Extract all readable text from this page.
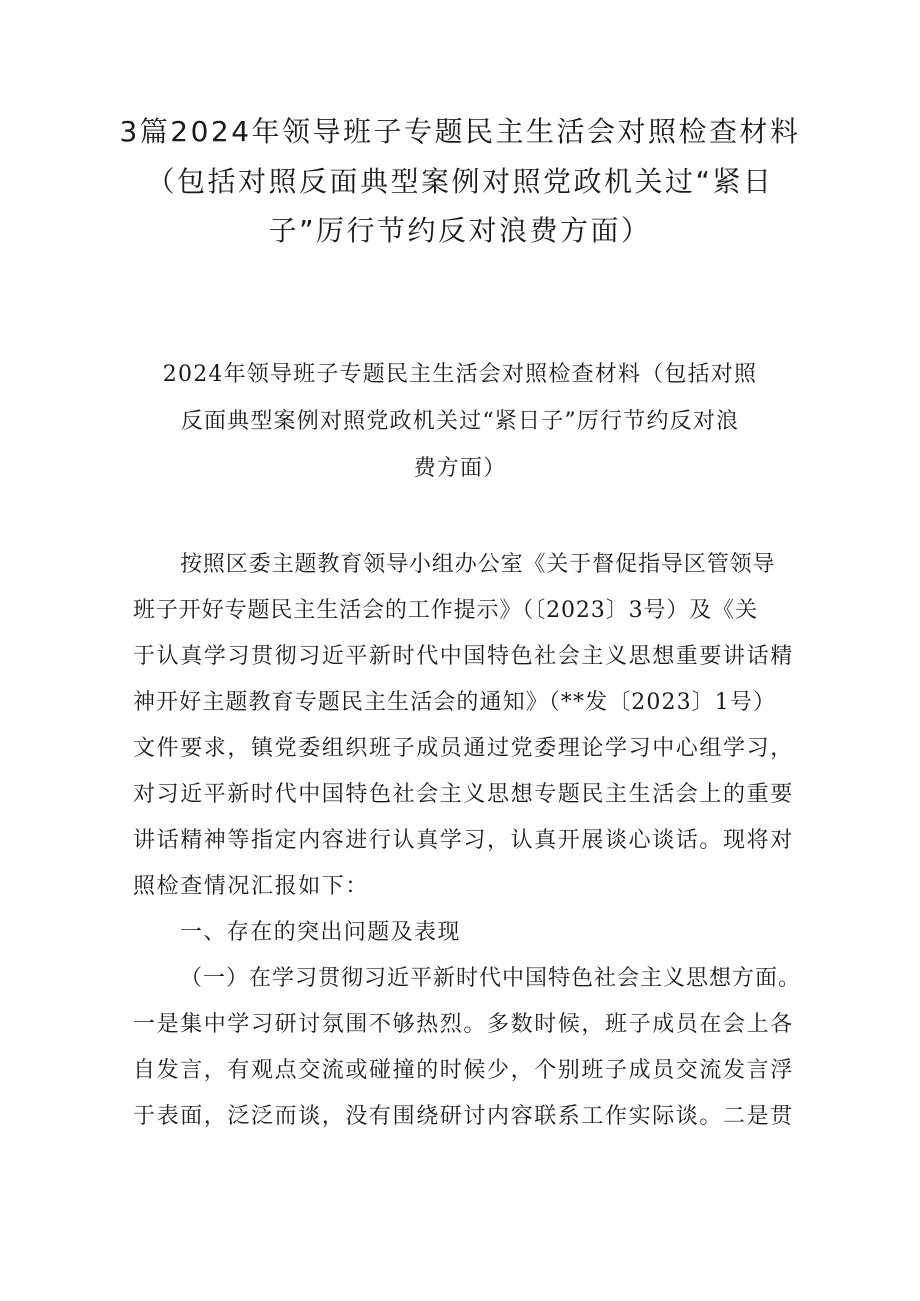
3篇2024年领导班子专题民主生活会对照检查材料
（包括对照反面典型案例对照党政机关过“紧日
子”厉行节约反对浪费方面）
2024年领导班子专题民主生活会对照检查材料（包括对照
反面典型案例对照党政机关过“紧日子”厉行节约反对浪
费方面）
按照区委主题教育领导小组办公室《关于督促指导区管领导
班子开好专题民主生活会的工作提示》（〔2023〕3号）及《关
于认真学习贯彻习近平新时代中国特色社会主义思想重要讲话精
神开好主题教育专题民主生活会的通知》（**发〔2023〕1号）
文件要求，镇党委组织班子成员通过党委理论学习中心组学习，
对习近平新时代中国特色社会主义思想专题民主生活会上的重要
讲话精神等指定内容进行认真学习，认真开展谈心谈话。现将对
照检查情况汇报如下：
一、存在的突出问题及表现
（一）在学习贯彻习近平新时代中国特色社会主义思想方面。
一是集中学习研讨氛围不够热烈。多数时候，班子成员在会上各
自发言，有观点交流或碰撞的时候少，个别班子成员交流发言浮
于表面，泛泛而谈，没有围绕研讨内容联系工作实际谈。二是贯
